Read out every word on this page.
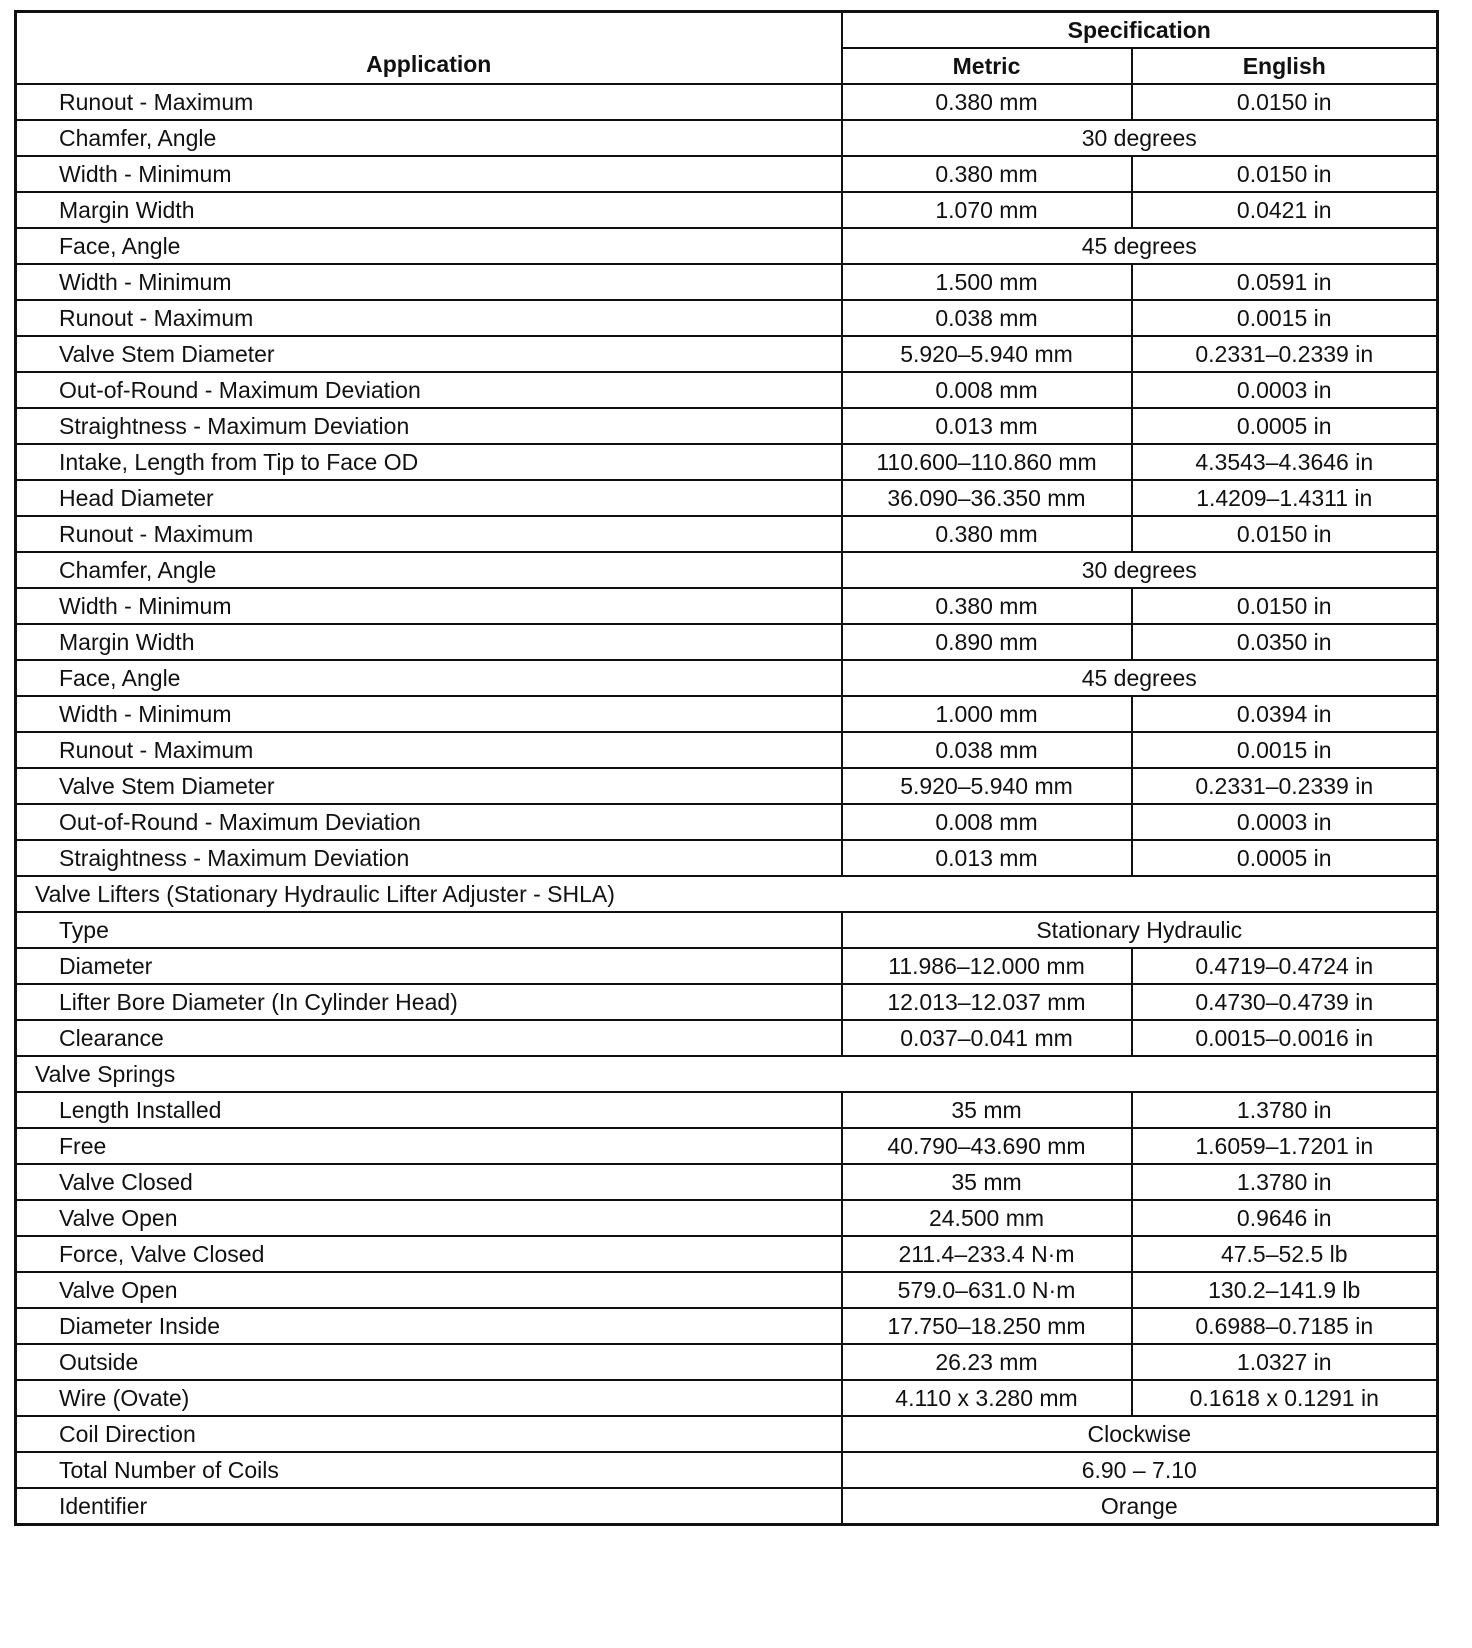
Application	Specification	
	Metric	English
Runout - Maximum	0.380 mm	0.0150 in
Chamfer, Angle	30 degrees	
Width - Minimum	0.380 mm	0.0150 in
Margin Width	1.070 mm	0.0421 in
Face, Angle	45 degrees	
Width - Minimum	1.500 mm	0.0591 in
Runout - Maximum	0.038 mm	0.0015 in
Valve Stem Diameter	5.920–5.940 mm	0.2331–0.2339 in
Out-of-Round - Maximum Deviation	0.008 mm	0.0003 in
Straightness - Maximum Deviation	0.013 mm	0.0005 in
Intake, Length from Tip to Face OD	110.600–110.860 mm	4.3543–4.3646 in
Head Diameter	36.090–36.350 mm	1.4209–1.4311 in
Runout - Maximum	0.380 mm	0.0150 in
Chamfer, Angle	30 degrees	
Width - Minimum	0.380 mm	0.0150 in
Margin Width	0.890 mm	0.0350 in
Face, Angle	45 degrees	
Width - Minimum	1.000 mm	0.0394 in
Runout - Maximum	0.038 mm	0.0015 in
Valve Stem Diameter	5.920–5.940 mm	0.2331–0.2339 in
Out-of-Round - Maximum Deviation	0.008 mm	0.0003 in
Straightness - Maximum Deviation	0.013 mm	0.0005 in
Valve Lifters (Stationary Hydraulic Lifter Adjuster - SHLA)		
Type	Stationary Hydraulic	
Diameter	11.986–12.000 mm	0.4719–0.4724 in
Lifter Bore Diameter (In Cylinder Head)	12.013–12.037 mm	0.4730–0.4739 in
Clearance	0.037–0.041 mm	0.0015–0.0016 in
Valve Springs		
Length Installed	35 mm	1.3780 in
Free	40.790–43.690 mm	1.6059–1.7201 in
Valve Closed	35 mm	1.3780 in
Valve Open	24.500 mm	0.9646 in
Force, Valve Closed	211.4–233.4 N·m	47.5–52.5 lb
Valve Open	579.0–631.0 N·m	130.2–141.9 lb
Diameter Inside	17.750–18.250 mm	0.6988–0.7185 in
Outside	26.23 mm	1.0327 in
Wire (Ovate)	4.110 x 3.280 mm	0.1618 x 0.1291 in
Coil Direction	Clockwise	
Total Number of Coils	6.90 – 7.10	
Identifier	Orange	
